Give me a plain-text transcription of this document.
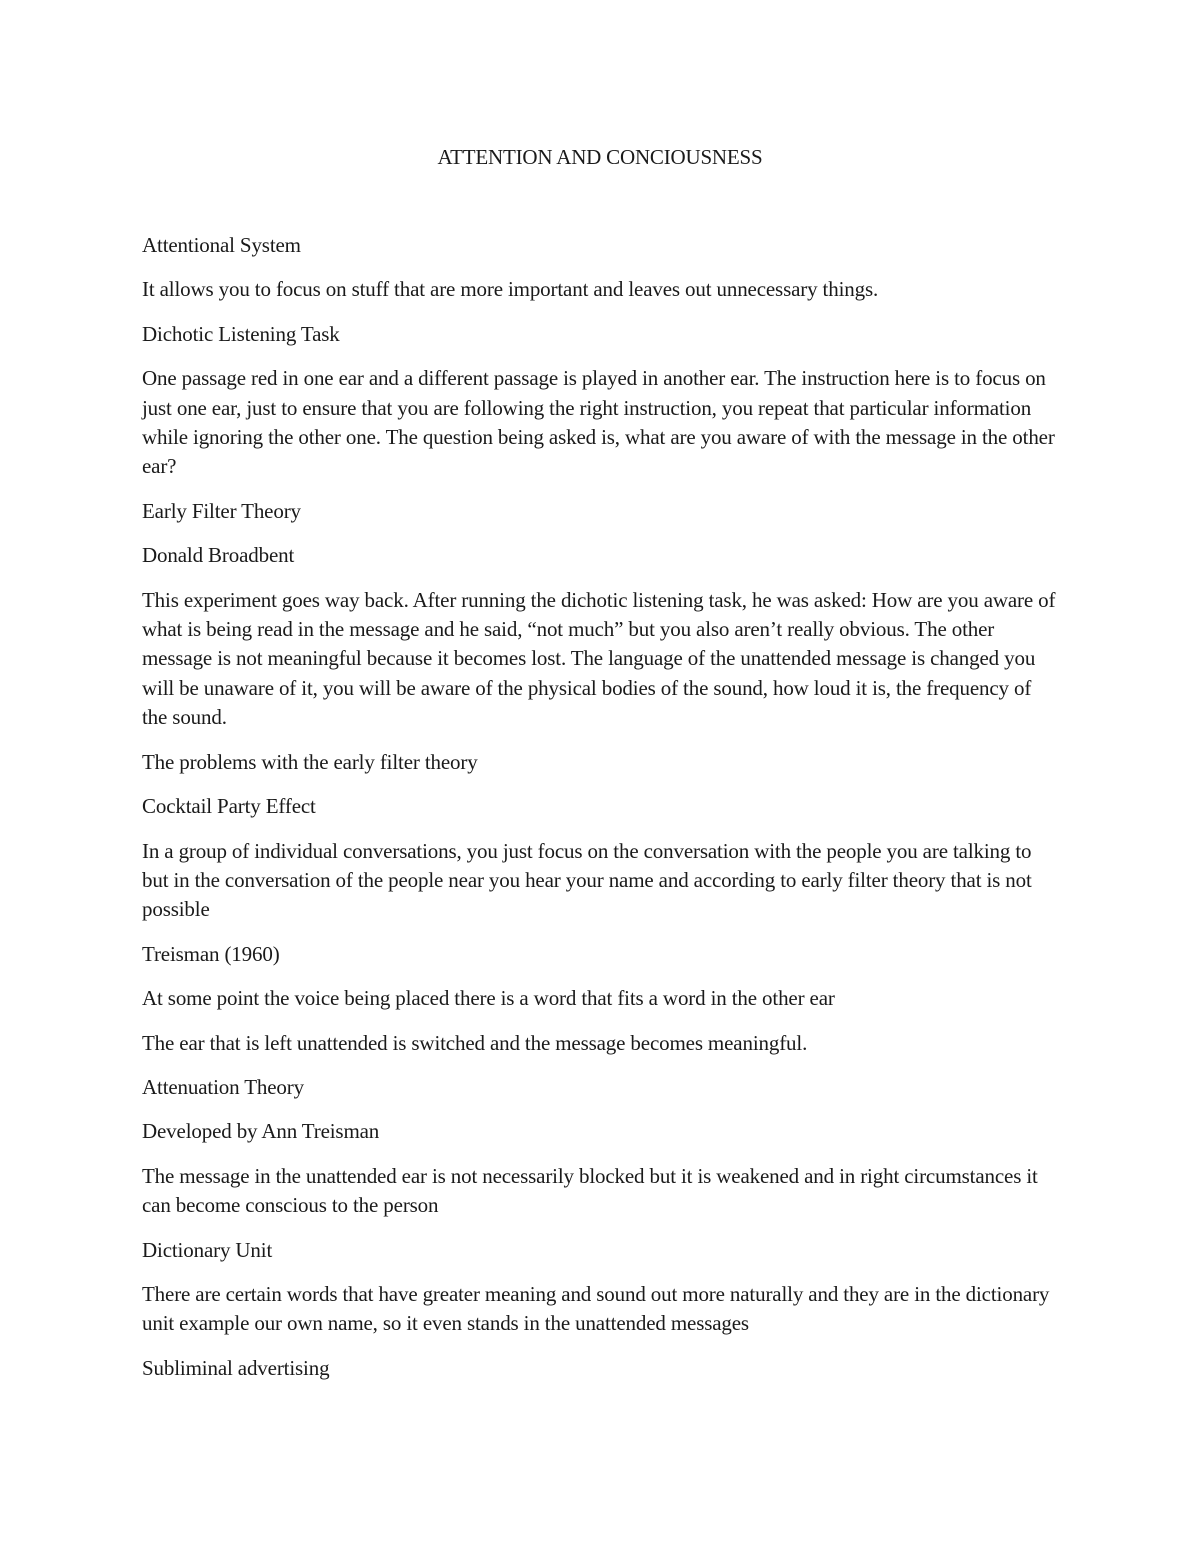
ATTENTION AND CONCIOUSNESS

Attentional System

It allows you to focus on stuff that are more important and leaves out unnecessary things.

Dichotic Listening Task

One passage red in one ear and a different passage is played in another ear. The instruction here is to focus on just one ear, just to ensure that you are following the right instruction, you repeat that particular information while ignoring the other one. The question being asked is, what are you aware of with the message in the other ear?

Early Filter Theory

Donald Broadbent

This experiment goes way back. After running the dichotic listening task, he was asked: How are you aware of what is being read in the message and he said, “not much” but you also aren’t really obvious. The other message is not meaningful because it becomes lost. The language of the unattended message is changed you will be unaware of it, you will be aware of the physical bodies of the sound, how loud it is, the frequency of the sound.

The problems with the early filter theory

Cocktail Party Effect

In a group of individual conversations, you just focus on the conversation with the people you are talking to but in the conversation of the people near you hear your name and according to early filter theory that is not possible

Treisman (1960)

At some point the voice being placed there is a word that fits a word in the other ear

The ear that is left unattended is switched and the message becomes meaningful.

Attenuation Theory

Developed by Ann Treisman

The message in the unattended ear is not necessarily blocked but it is weakened and in right circumstances it can become conscious to the person

Dictionary Unit

There are certain words that have greater meaning and sound out more naturally and they are in the dictionary unit example our own name, so it even stands in the unattended messages

Subliminal advertising
